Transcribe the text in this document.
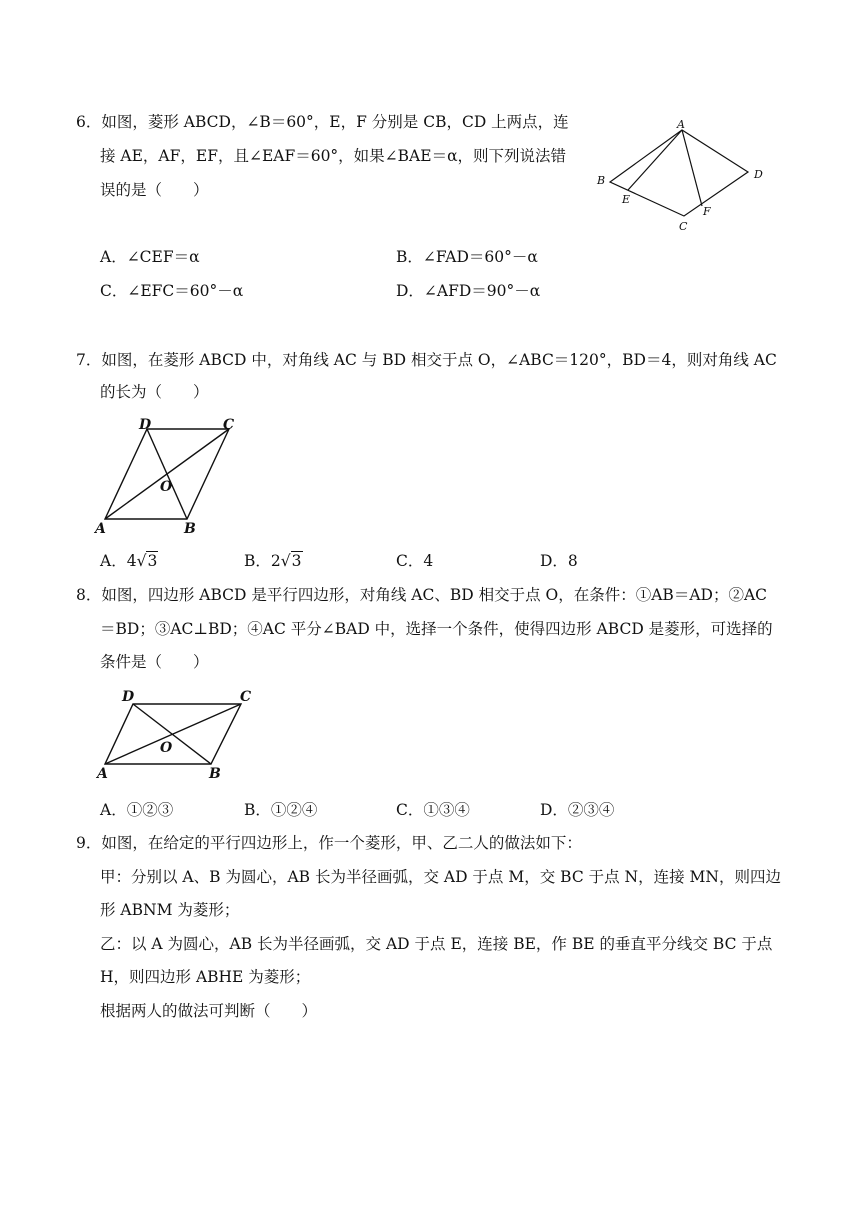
6．如图，菱形 ABCD，∠B＝60°，E，F 分别是 CB，CD 上两点，连
接 AE，AF，EF，且∠EAF＝60°，如果∠BAE＝α，则下列说法错
误的是（　　）
A
B
C
D
E
F
A．∠CEF＝α	B．∠FAD＝60°－α
C．∠EFC＝60°－α	D．∠AFD＝90°－α
7．如图，在菱形 ABCD 中，对角线 AC 与 BD 相交于点 O，∠ABC＝120°，BD＝4，则对角线 AC
的长为（　　）
D	C
O
A	B
A．4√3	B．2√3	C．4	D．8
8．如图，四边形 ABCD 是平行四边形，对角线 AC、BD 相交于点 O，在条件：①AB＝AD；②AC
＝BD；③AC⊥BD；④AC 平分∠BAD 中，选择一个条件，使得四边形 ABCD 是菱形，可选择的
条件是（　　）
D	C
O
A	B
A．①②③	B．①②④	C．①③④	D．②③④
9．如图，在给定的平行四边形上，作一个菱形，甲、乙二人的做法如下：
甲：分别以 A、B 为圆心，AB 长为半径画弧，交 AD 于点 M，交 BC 于点 N，连接 MN，则四边
形 ABNM 为菱形；
乙：以 A 为圆心，AB 长为半径画弧，交 AD 于点 E，连接 BE，作 BE 的垂直平分线交 BC 于点
H，则四边形 ABHE 为菱形；
根据两人的做法可判断（　　）
